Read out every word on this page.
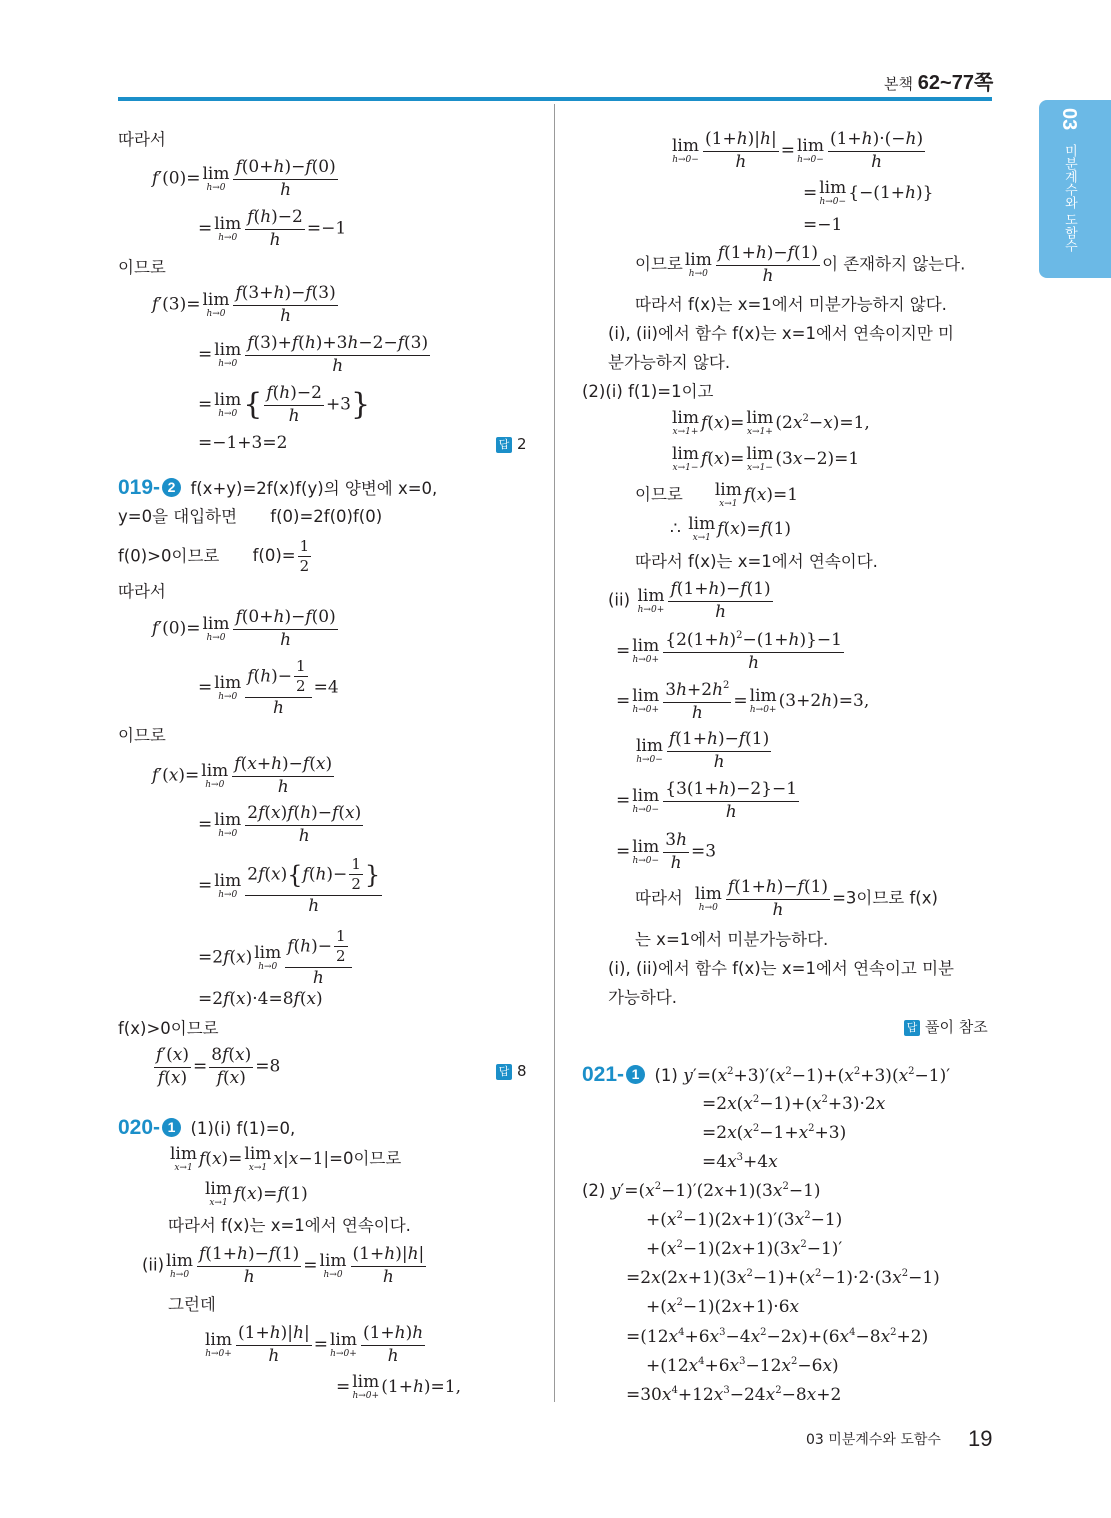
본책 62~77쪽
03
미분계수와 도함수
따라서
f′(0)= lim
$h\to 0 \frac{f(0+h)-f(0)}{h}$
= lim
$h\to 0 \frac{f(h)-2}{h} =-1$
이므로
f′(3)= lim
$h\to 0 \frac{f(3+h)-f(3)}{h}$
= lim
$h\to 0 \frac{f(3)+f(h)+3h-2-f(3)}{h}$
= lim
h→0 { $\frac{f(h)-2}{h} +3$}
=−1+3=2	답 2
019- 2 f(x+y)=2f(x)f(y)의 양변에 x=0,
y=0을 대입하면 f(0)=2f(0)f(0)
f(0)>0이므로 $f(0)= \frac{1}{2}$
따라서
f′(0)= lim
$h\to 0 \frac{f(0+h)-f(0)}{h}$
= lim
$h\to 0 \frac{f(h)- \frac{1}{2}}{h} =4$
이므로
f′(x)= lim
$h\to 0 \frac{f(x+h)-f(x)}{h}$
= lim
$h\to 0 \frac{2f(x)f(h)-f(x)}{h}$
= lim
$h\to 0 \frac{2f(x)\{f(h)- \frac{1}{2} \}}{h}$
=2f(x) lim
$h\to 0 \frac{f(h)- \frac{1}{2}}{h}$
=2f(x)·4=8f(x)
f(x)>0이므로
$\frac{f'(x)}{f(x)} = \frac{8f(x)}{f(x)} =8$	답 8
020- 1 (1)(i) f(1)=0,
lim
x→1 f(x)= lim
x→1 x|x−1|=0이므로
lim
x→1 f(x)=f(1)
따라서 f(x)는 x=1에서 연속이다.
(ii) lim
$h\to 0 \frac{f(1+h)-f(1)}{h} = \lim$
$h\to 0 \frac{(1+h)|h|}{h}$
그런데
lim
$h\to 0+ \frac{(1+h)|h|}{h} = \lim$
$h\to 0+ \frac{(1+h)h}{h}$
= lim
h→0+ (1+h)=1,
lim
$h\to 0- \frac{(1+h)|h|}{h} = \lim$
$h\to 0- \frac{(1+h)\cdot(-h)}{h}$
= lim
h→0− {−(1+h)}
=−1
이므로 lim
$h\to 0 \frac{f(1+h)-f(1)}{h}$ 이 존재하지 않는다.
따라서 f(x)는 x=1에서 미분가능하지 않다.
(i), (ii)에서 함수 f(x)는 x=1에서 연속이지만 미
분가능하지 않다.
(2)(i) f(1)=1이고
lim
x→1+ f(x)= lim
$x\to 1+ (2x^2-x)=1$,
lim
x→1− f(x)= lim
x→1− (3x−2)=1
이므로 lim
x→1 f(x)=1
∴ lim
x→1 f(x)=f(1)
따라서 f(x)는 x=1에서 연속이다.
(ii) lim
$h\to 0+ \frac{f(1+h)-f(1)}{h}$
= lim
$h\to 0+ \frac{\{2(1+h)^2-(1+h)\}-1}{h}$
= lim
$h\to 0+ \frac{3h+2h^2}{h} = \lim$
h→0+ (3+2h)=3,
lim
$h\to 0- \frac{f(1+h)-f(1)}{h}$
= lim
$h\to 0- \frac{\{3(1+h)-2\}-1}{h}$
= lim
$h\to 0- \frac{3h}{h} =3$
따라서 lim
$h\to 0 \frac{f(1+h)-f(1)}{h} =3$이므로 f(x)
는 x=1에서 미분가능하다.
(i), (ii)에서 함수 f(x)는 x=1에서 연속이고 미분
가능하다.
답 풀이 참조
021- 1 (1) $y'=(x^2+3)'(x^2-1)+(x^2+3)(x^2-1)'$
$=2x(x^2-1)+(x^2+3)\cdot 2x$
$=2x(x^2-1+x^2+3)$
$=4x^3+4x$
(2) $y'=(x^2-1)'(2x+1)(3x^2-1)$
$+(x^2-1)(2x+1)'(3x^2-1)$
$+(x^2-1)(2x+1)(3x^2-1)'$
$=2x(2x+1)(3x^2-1)+(x^2-1)\cdot 2\cdot(3x^2-1)$
$+(x^2-1)(2x+1)\cdot 6x$
$=(12x^4+6x^3-4x^2-2x)+(6x^4-8x^2+2)$
$+(12x^4+6x^3-12x^2-6x)$
$=30x^4+12x^3-24x^2-8x+2$
03 미분계수와 도함수 19
